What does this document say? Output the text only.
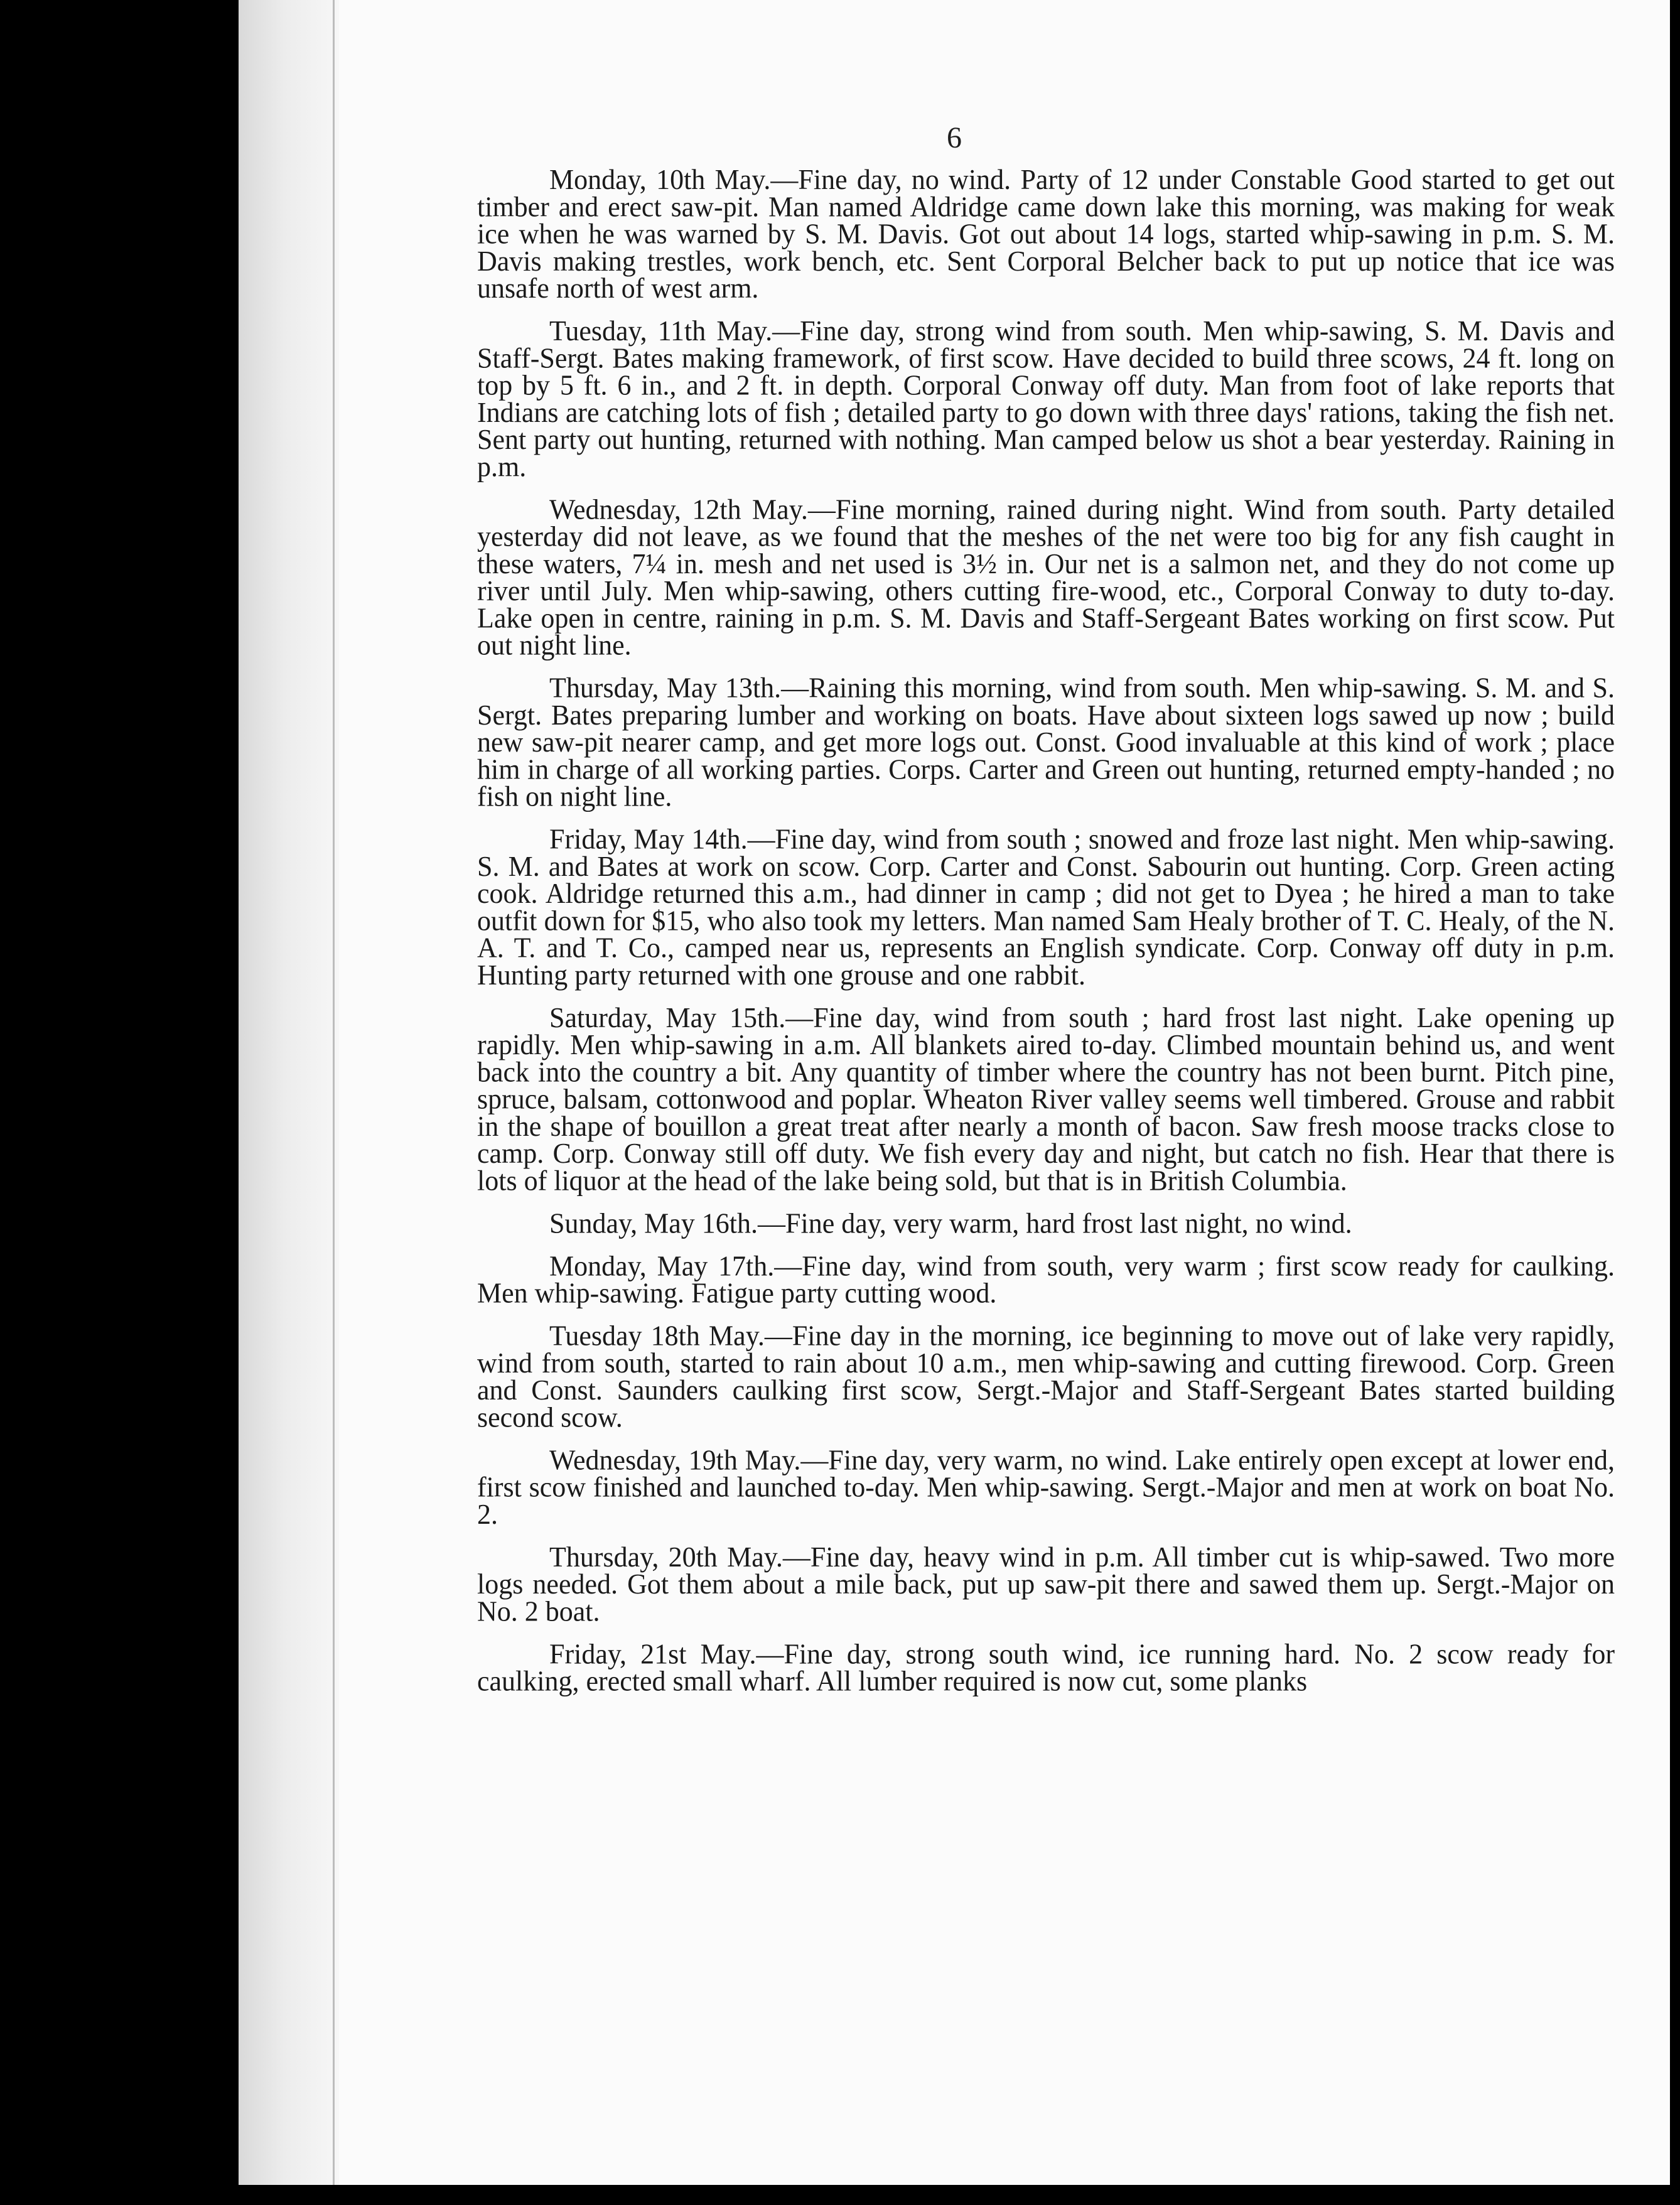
6

Monday, 10th May.—Fine day, no wind. Party of 12 under Constable Good started to get out timber and erect saw-pit. Man named Aldridge came down lake this morning, was making for weak ice when he was warned by S. M. Davis. Got out about 14 logs, started whip-sawing in p.m. S. M. Davis making trestles, work bench, etc. Sent Corporal Belcher back to put up notice that ice was unsafe north of west arm.

Tuesday, 11th May.—Fine day, strong wind from south. Men whip-sawing, S. M. Davis and Staff-Sergt. Bates making framework, of first scow. Have decided to build three scows, 24 ft. long on top by 5 ft. 6 in., and 2 ft. in depth. Corporal Conway off duty. Man from foot of lake reports that Indians are catching lots of fish ; detailed party to go down with three days' rations, taking the fish net. Sent party out hunting, returned with nothing. Man camped below us shot a bear yesterday. Raining in p.m.

Wednesday, 12th May.—Fine morning, rained during night. Wind from south. Party detailed yesterday did not leave, as we found that the meshes of the net were too big for any fish caught in these waters, 7¼ in. mesh and net used is 3½ in. Our net is a salmon net, and they do not come up river until July. Men whip-sawing, others cutting fire-wood, etc., Corporal Conway to duty to-day. Lake open in centre, raining in p.m. S. M. Davis and Staff-Sergeant Bates working on first scow. Put out night line.

Thursday, May 13th.—Raining this morning, wind from south. Men whip-sawing. S. M. and S. Sergt. Bates preparing lumber and working on boats. Have about sixteen logs sawed up now ; build new saw-pit nearer camp, and get more logs out. Const. Good invaluable at this kind of work ; place him in charge of all working parties. Corps. Carter and Green out hunting, returned empty-handed ; no fish on night line.

Friday, May 14th.—Fine day, wind from south ; snowed and froze last night. Men whip-sawing. S. M. and Bates at work on scow. Corp. Carter and Const. Sabourin out hunting. Corp. Green acting cook. Aldridge returned this a.m., had dinner in camp ; did not get to Dyea ; he hired a man to take outfit down for $15, who also took my letters. Man named Sam Healy brother of T. C. Healy, of the N. A. T. and T. Co., camped near us, represents an English syndicate. Corp. Conway off duty in p.m. Hunting party returned with one grouse and one rabbit.

Saturday, May 15th.—Fine day, wind from south ; hard frost last night. Lake opening up rapidly. Men whip-sawing in a.m. All blankets aired to-day. Climbed mountain behind us, and went back into the country a bit. Any quantity of timber where the country has not been burnt. Pitch pine, spruce, balsam, cottonwood and poplar. Wheaton River valley seems well timbered. Grouse and rabbit in the shape of bouillon a great treat after nearly a month of bacon. Saw fresh moose tracks close to camp. Corp. Conway still off duty. We fish every day and night, but catch no fish. Hear that there is lots of liquor at the head of the lake being sold, but that is in British Columbia.

Sunday, May 16th.—Fine day, very warm, hard frost last night, no wind.

Monday, May 17th.—Fine day, wind from south, very warm ; first scow ready for caulking. Men whip-sawing. Fatigue party cutting wood.

Tuesday 18th May.—Fine day in the morning, ice beginning to move out of lake very rapidly, wind from south, started to rain about 10 a.m., men whip-sawing and cutting firewood. Corp. Green and Const. Saunders caulking first scow, Sergt.-Major and Staff-Sergeant Bates started building second scow.

Wednesday, 19th May.—Fine day, very warm, no wind. Lake entirely open except at lower end, first scow finished and launched to-day. Men whip-sawing. Sergt.-Major and men at work on boat No. 2.

Thursday, 20th May.—Fine day, heavy wind in p.m. All timber cut is whip-sawed. Two more logs needed. Got them about a mile back, put up saw-pit there and sawed them up. Sergt.-Major on No. 2 boat.

Friday, 21st May.—Fine day, strong south wind, ice running hard. No. 2 scow ready for caulking, erected small wharf. All lumber required is now cut, some planks
